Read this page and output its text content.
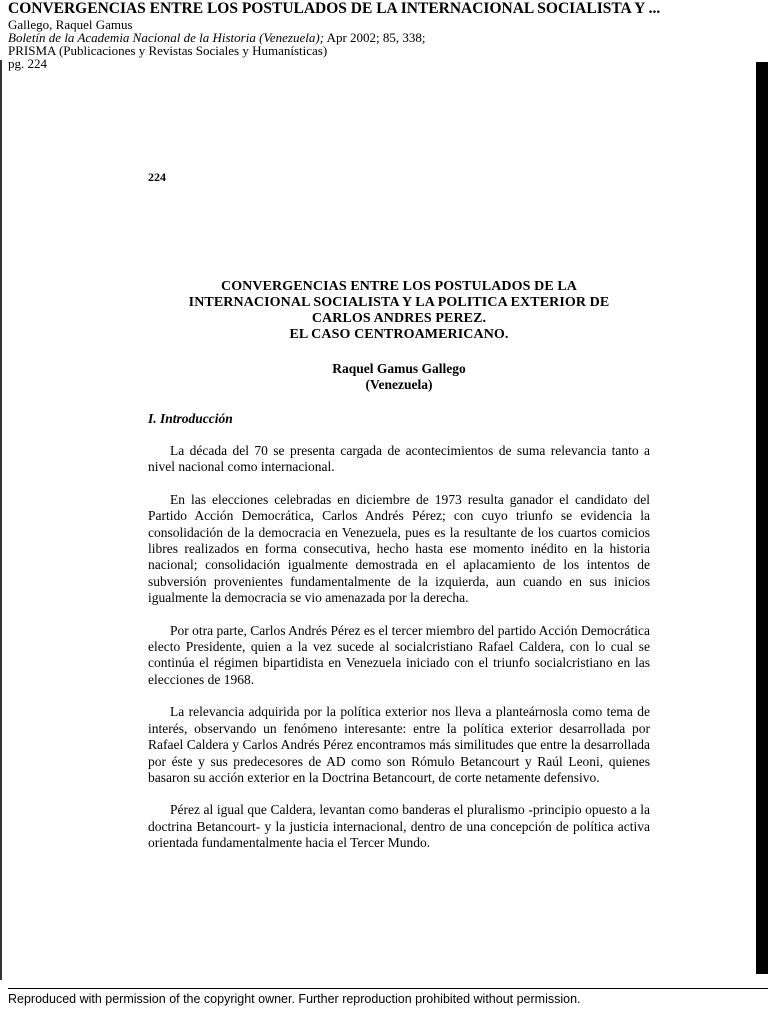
CONVERGENCIAS ENTRE LOS POSTULADOS DE LA INTERNACIONAL SOCIALISTA Y ...
Gallego, Raquel Gamus
Boletín de la Academia Nacional de la Historia (Venezuela); Apr 2002; 85, 338;
PRISMA (Publicaciones y Revistas Sociales y Humanísticas)
pg. 224
224

CONVERGENCIAS ENTRE LOS POSTULADOS DE LA

INTERNACIONAL SOCIALISTA Y LA POLITICA EXTERIOR DE

CARLOS ANDRES PEREZ.

EL CASO CENTROAMERICANO.

Raquel Gamus Gallego
(Venezuela)
I. Introducción

La década del 70 se presenta cargada de acontecimientos de suma relevancia tanto a nivel nacional como internacional.

En las elecciones celebradas en diciembre de 1973 resulta ganador el candidato del Partido Acción Democrática, Carlos Andrés Pérez; con cuyo triunfo se evidencia la consolidación de la democracia en Venezuela, pues es la resultante de los cuartos comicios libres realizados en forma consecutiva, hecho hasta ese momento inédito en la historia nacional; consolidación igualmente demostrada en el aplacamiento de los intentos de subversión provenientes fundamentalmente de la izquierda, aun cuando en sus inicios igualmente la democracia se vio amenazada por la derecha.

Por otra parte, Carlos Andrés Pérez es el tercer miembro del partido Acción Democrática electo Presidente, quien a la vez sucede al socialcristiano Rafael Caldera, con lo cual se continúa el régimen bipartidista en Venezuela iniciado con el triunfo socialcristiano en las elecciones de 1968.

La relevancia adquirida por la política exterior nos lleva a planteárnosla como tema de interés, observando un fenómeno interesante: entre la política exterior desarrollada por Rafael Caldera y Carlos Andrés Pérez encontramos más similitudes que entre la desarrollada por éste y sus predecesores de AD como son Rómulo Betancourt y Raúl Leoni, quienes basaron su acción exterior en la Doctrina Betancourt, de corte netamente defensivo.

Pérez al igual que Caldera, levantan como banderas el pluralismo -principio opuesto a la doctrina Betancourt- y la justicia internacional, dentro de una concepción de política activa orientada fundamentalmente hacia el Tercer Mundo.

Reproduced with permission of the copyright owner. Further reproduction prohibited without permission.
